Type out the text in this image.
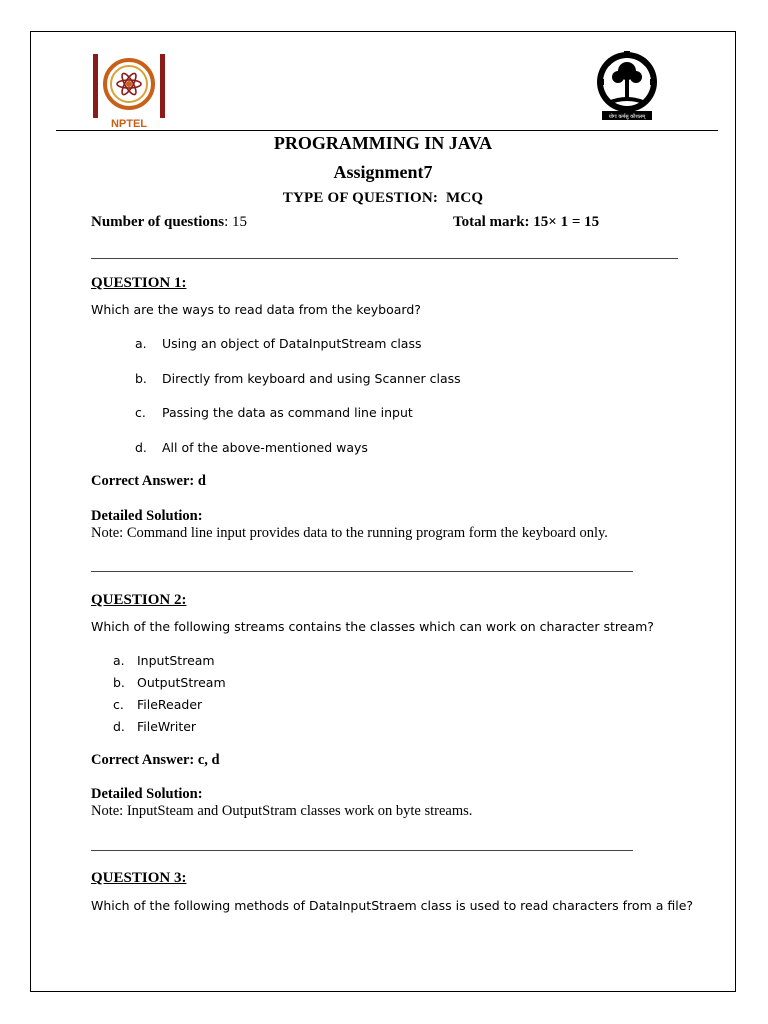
NPTEL
योगः कर्मसु कौशलम्
PROGRAMMING IN JAVA
Assignment7
TYPE OF QUESTION:  MCQ
Number of questions: 15	Total mark: 15× 1 = 15
QUESTION 1:
Which are the ways to read data from the keyboard?
a. Using an object of DataInputStream class
b. Directly from keyboard and using Scanner class
c. Passing the data as command line input
d. All of the above-mentioned ways
Correct Answer: d
Detailed Solution:
Note: Command line input provides data to the running program form the keyboard only.
QUESTION 2:
Which of the following streams contains the classes which can work on character stream?
a. InputStream
b. OutputStream
c. FileReader
d. FileWriter
Correct Answer: c, d
Detailed Solution:
Note: InputSteam and OutputStram classes work on byte streams.
QUESTION 3:
Which of the following methods of DataInputStraem class is used to read characters from a file?
